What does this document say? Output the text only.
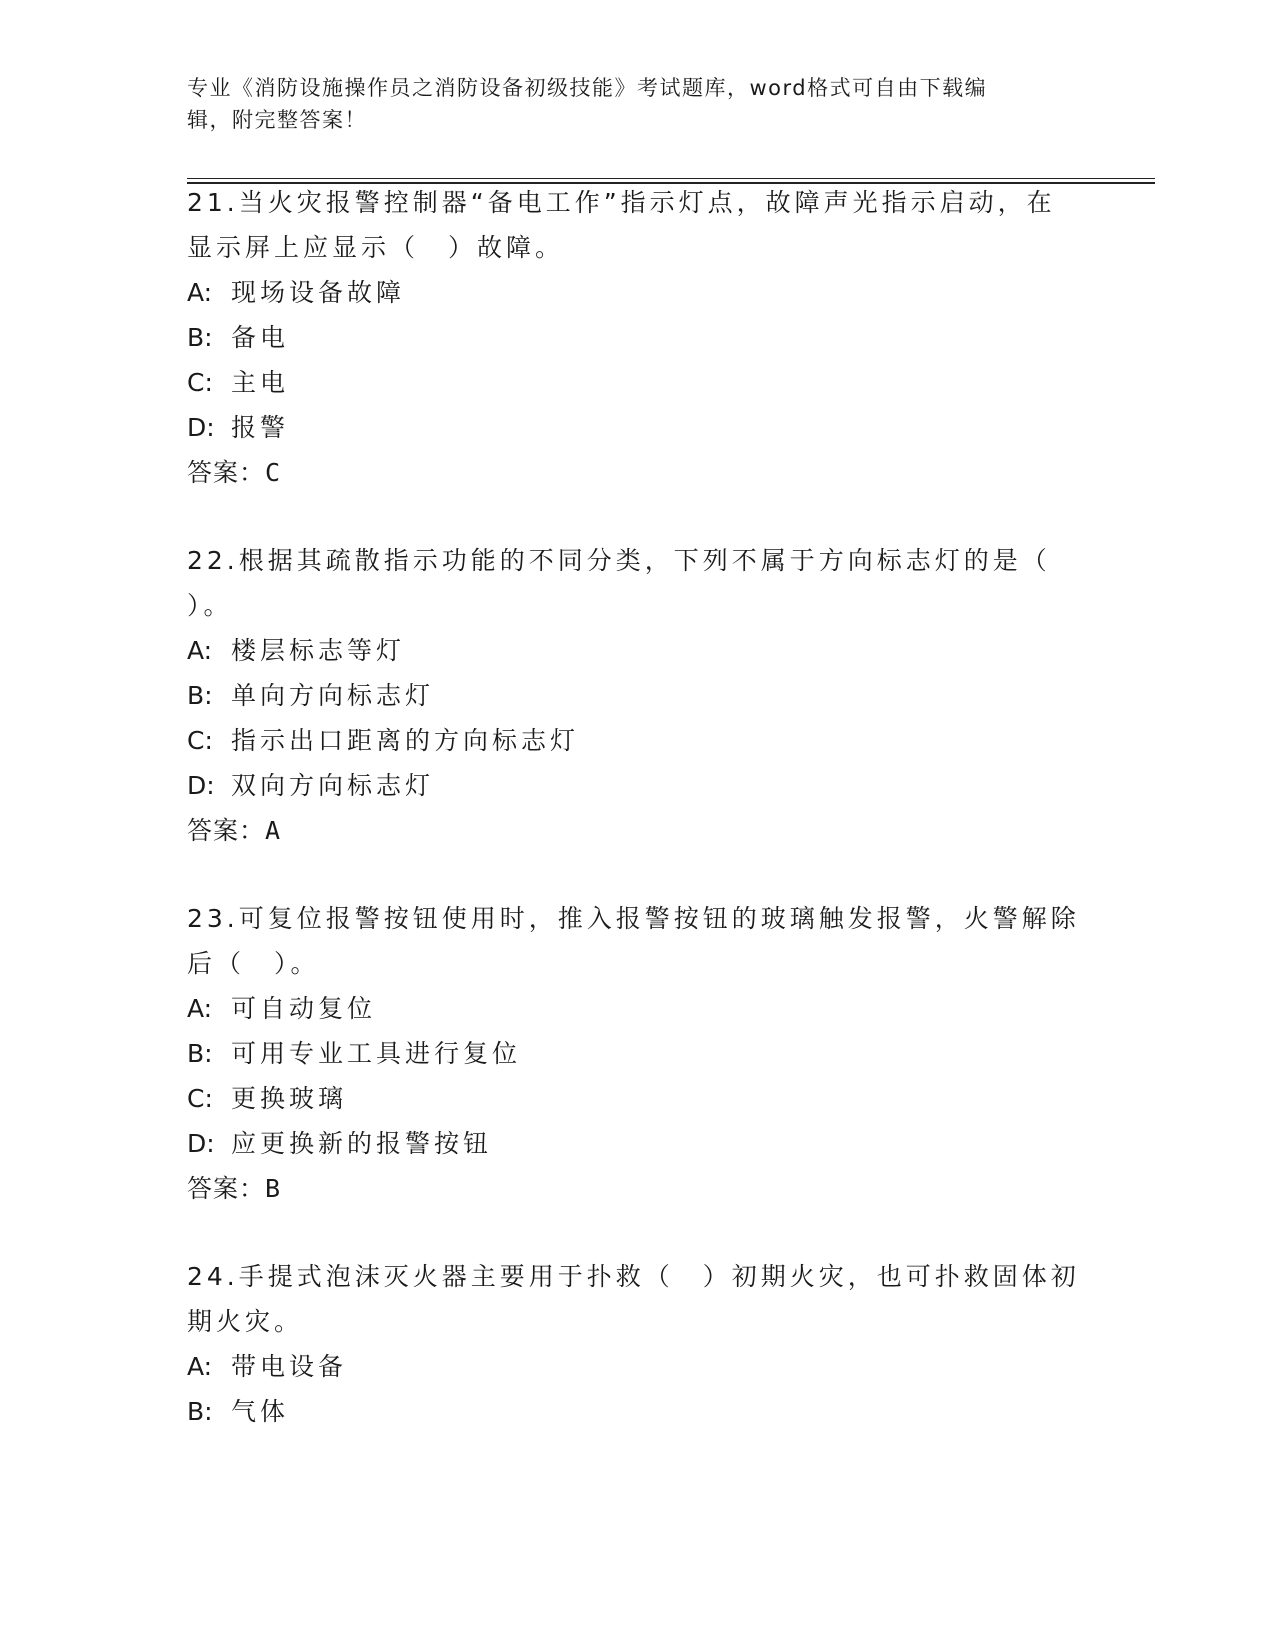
专业《消防设施操作员之消防设备初级技能》考试题库，word格式可自由下载编
辑，附完整答案！
21.当火灾报警控制器“备电工作”指示灯点，故障声光指示启动，在
显示屏上应显示（　）故障。
A: 现场设备故障
B: 备电
C: 主电
D: 报警
答案：C
22.根据其疏散指示功能的不同分类，下列不属于方向标志灯的是（
）。
A: 楼层标志等灯
B: 单向方向标志灯
C: 指示出口距离的方向标志灯
D: 双向方向标志灯
答案：A
23.可复位报警按钮使用时，推入报警按钮的玻璃触发报警，火警解除
后（　）。
A: 可自动复位
B: 可用专业工具进行复位
C: 更换玻璃
D: 应更换新的报警按钮
答案：B
24.手提式泡沫灭火器主要用于扑救（　）初期火灾，也可扑救固体初
期火灾。
A: 带电设备
B: 气体
